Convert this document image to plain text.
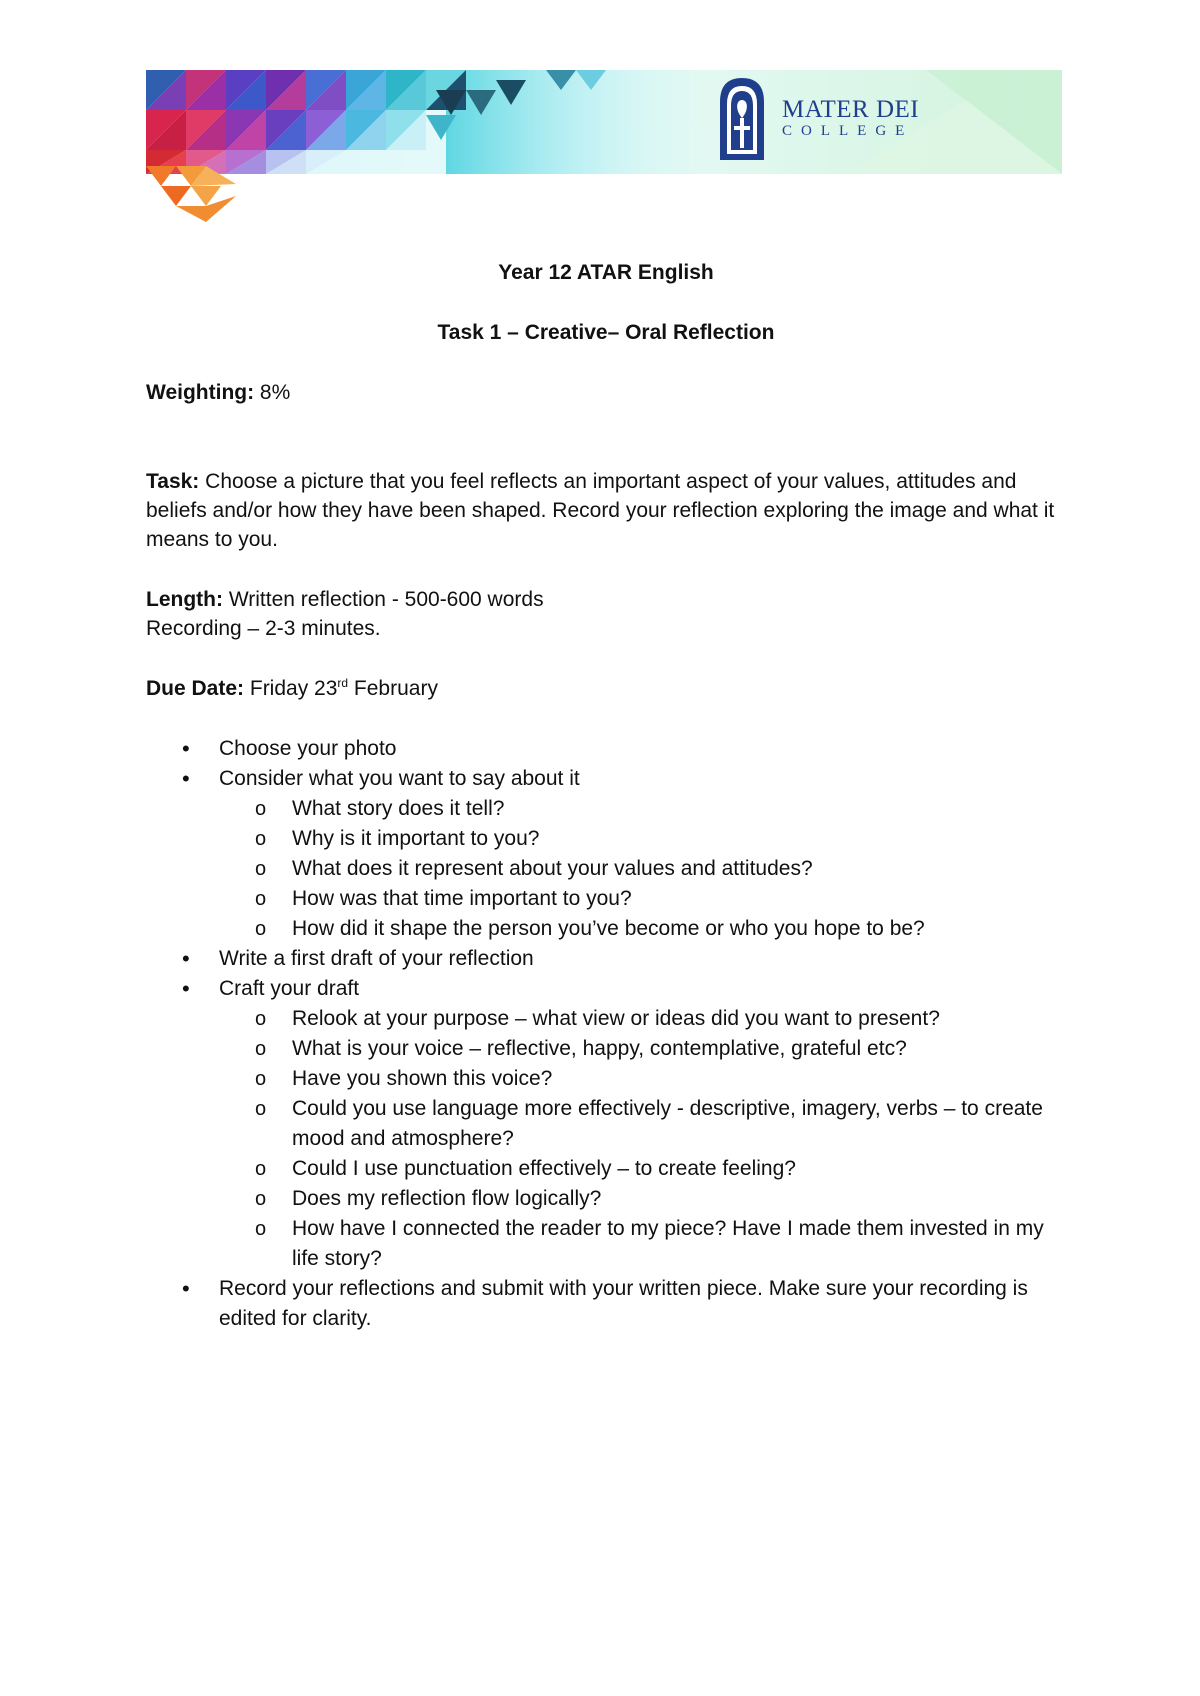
MATER DEI
COLLEGE

Year 12 ATAR English

Task 1 – Creative– Oral Reflection

Weighting: 8%

Task: Choose a picture that you feel reflects an important aspect of your values, attitudes and beliefs and/or how they have been shaped. Record your reflection exploring the image and what it means to you.

Length: Written reflection - 500-600 words

Recording – 2-3 minutes.

Due Date: Friday 23rd February

• Choose your photo
• Consider what you want to say about it
o What story does it tell?
o Why is it important to you?
o What does it represent about your values and attitudes?
o How was that time important to you?
o How did it shape the person you’ve become or who you hope to be?
• Write a first draft of your reflection
• Craft your draft
o Relook at your purpose – what view or ideas did you want to present?
o What is your voice – reflective, happy, contemplative, grateful etc?
o Have you shown this voice?
o Could you use language more effectively - descriptive, imagery, verbs – to create mood and atmosphere?
o Could I use punctuation effectively – to create feeling?
o Does my reflection flow logically?
o How have I connected the reader to my piece? Have I made them invested in my life story?
• Record your reflections and submit with your written piece. Make sure your recording is edited for clarity.
